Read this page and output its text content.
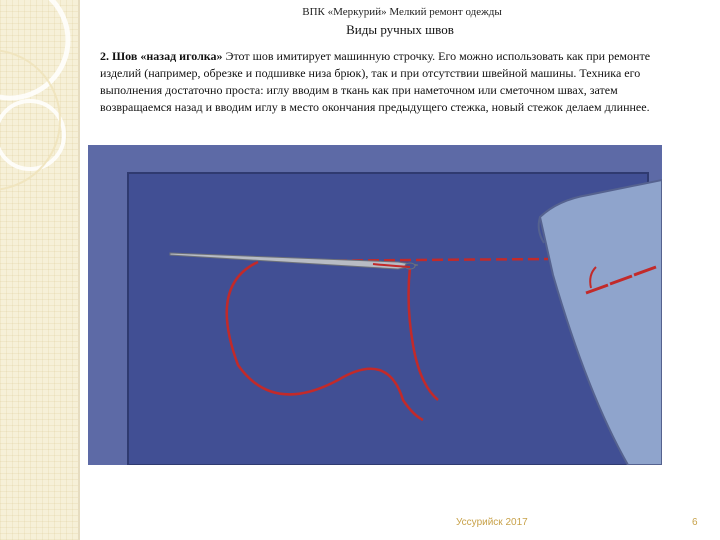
ВПК «Меркурий» Мелкий ремонт одежды
Виды ручных швов
2. Шов «назад иголка» Этот шов имитирует машинную строчку. Его можно использовать как при ремонте изделий (например, обрезке и подшивке низа брюк), так и при отсутствии швейной машины. Техника его выполнения достаточно проста: иглу вводим в ткань как при наметочном или сметочном швах, затем возвращаемся назад и вводим иглу в место окончания предыдущего стежка, новый стежок делаем длиннее.
Уссурийск 2017	6
